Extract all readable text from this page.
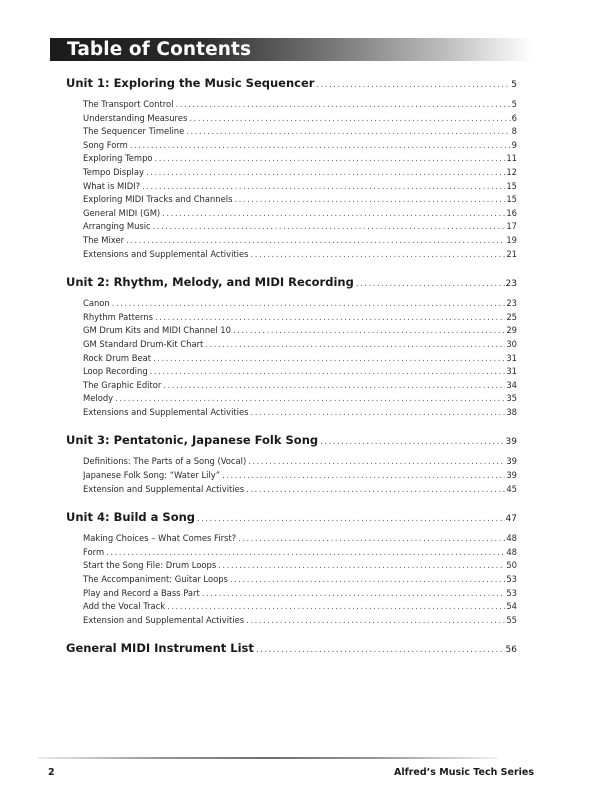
Table of Contents
Unit 1: Exploring the Music Sequencer . . .	5
The Transport Control . . .	5
Understanding Measures . . .	6
The Sequencer Timeline . . .	8
Song Form . . .	9
Exploring Tempo . . .	11
Tempo Display . . .	12
What is MIDI? . . .	15
Exploring MIDI Tracks and Channels . . .	15
General MIDI (GM) . . .	16
Arranging Music . . .	17
The Mixer . . .	19
Extensions and Supplemental Activities . . .	21
Unit 2: Rhythm, Melody, and MIDI Recording . . .	23
Canon . . .	23
Rhythm Patterns . . .	25
GM Drum Kits and MIDI Channel 10 . . .	29
GM Standard Drum-Kit Chart . . .	30
Rock Drum Beat . . .	31
Loop Recording . . .	31
The Graphic Editor . . .	34
Melody . . .	35
Extensions and Supplemental Activities . . .	38
Unit 3: Pentatonic, Japanese Folk Song . . .	39
Definitions: The Parts of a Song (Vocal) . . .	39
Japanese Folk Song: “Water Lily” . . .	39
Extension and Supplemental Activities . . .	45
Unit 4: Build a Song . . .	47
Making Choices – What Comes First? . . .	48
Form . . .	48
Start the Song File: Drum Loops . . .	50
The Accompaniment: Guitar Loops . . .	53
Play and Record a Bass Part . . .	53
Add the Vocal Track . . .	54
Extension and Supplemental Activities . . .	55
General MIDI Instrument List . . .	56
2	Alfred’s Music Tech Series
